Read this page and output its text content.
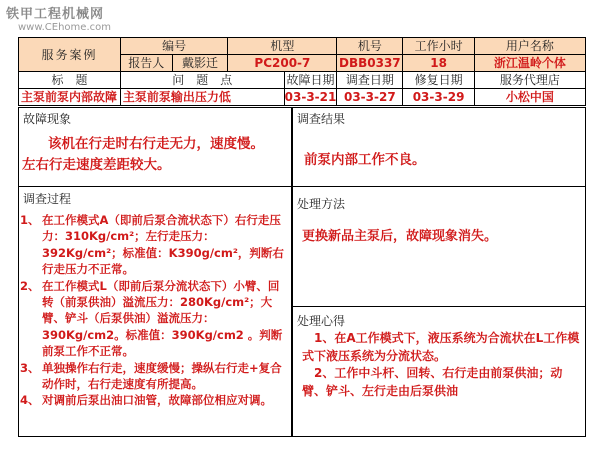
铁甲工程机械网
www.CEhome.com
服务案例	编号		机型		机号	工作小时	用户名称
	报告人	戴影迁	PC200-7		DBB0337	18	浙江温岭个体
标　题	问　题　点			故障日期	调查日期	修复日期	服务代理店
主泵前泵内部故障	主泵前泵输出压力低			03-3-21	03-3-27	03-3-29	小松中国
故障现象
调查过程
该机在行走时右行走无力，速度慢。
左右行走速度差距较大。
1、 在工作模式A（即前后泵合流状态下）右行走压力：310Kg/cm²；左行走压力：392Kg/cm²；标准值：K390g/cm²，判断右行走压力不正常。
2、 在工作模式L（即前后泵分流状态下）小臂、回转（前泵供油）溢流压力：280Kg/cm²；大臂、铲斗（后泵供油）溢流压力：390Kg/cm2。标准值：390Kg/cm2 。判断前泵工作不正常。
3、 单独操作右行走，速度缓慢；操纵右行走+复合动作时，右行走速度有所提高。
4、 对调前后泵出油口油管，故障部位相应对调。
调查结果
处理方法
处理心得
前泵内部工作不良。
更换新品主泵后，故障现象消失。
1、在A工作模式下，液压系统为合流状在L工作模式下液压系统为分流状态。
2、工作中斗杆、回转、右行走由前泵供油；动臂、铲斗、左行走由后泵供油
